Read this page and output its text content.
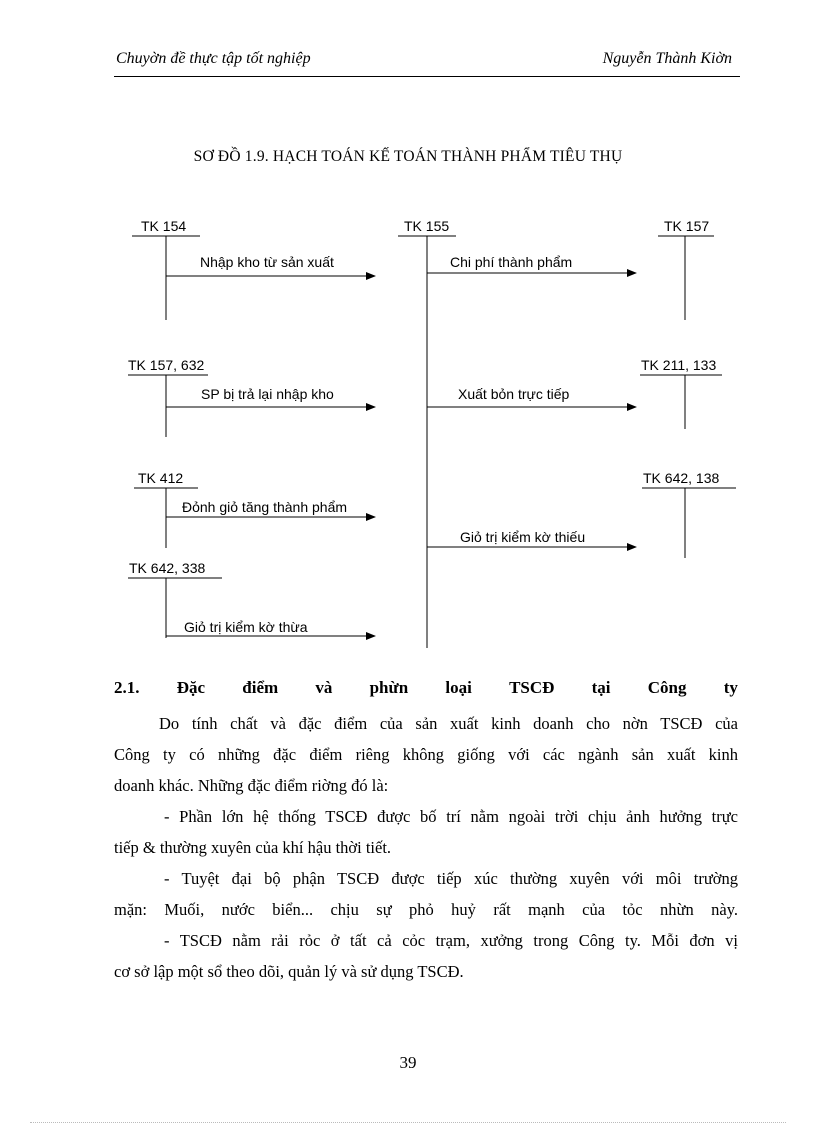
Chuyờn đề thực tập tốt nghiệp	Nguyễn Thành Kiờn
SƠ ĐỒ 1.9. HẠCH TOÁN KẾ TOÁN THÀNH PHẨM TIÊU THỤ
TK 154	TK 155	TK 157
TK 157, 632	TK 211, 133
TK 412	TK 642, 138
TK 642, 338
Nhập kho từ sản xuất	Chi phí thành phẩm
SP bị trả lại nhập kho	Xuất bỏn trực tiếp
Đỏnh giỏ tăng thành phẩm
Giỏ trị kiểm kờ thiếu
Giỏ trị kiểm kờ thừa
2.1. Đặc điểm và phừn loại TSCĐ tại Công ty
Do tính chất và đặc điểm của sản xuất kinh doanh cho nờn TSCĐ của
Công ty có những đặc điểm riêng không giống với các ngành sản xuất kinh
doanh khác. Những đặc điểm riờng đó là:
- Phần lớn hệ thống TSCĐ được bố trí nằm ngoài trời chịu ảnh hưởng trực
tiếp & thường xuyên của khí hậu thời tiết.
- Tuyệt đại bộ phận TSCĐ được tiếp xúc thường xuyên với môi trường
mặn: Muối, nước biển... chịu sự phỏ huỷ rất mạnh của tỏc nhừn này.
- TSCĐ nằm rải rỏc ở tất cả cỏc trạm, xưởng trong Công ty. Mỗi đơn vị
cơ sở lập một sổ theo dõi, quản lý và sử dụng TSCĐ.
39
